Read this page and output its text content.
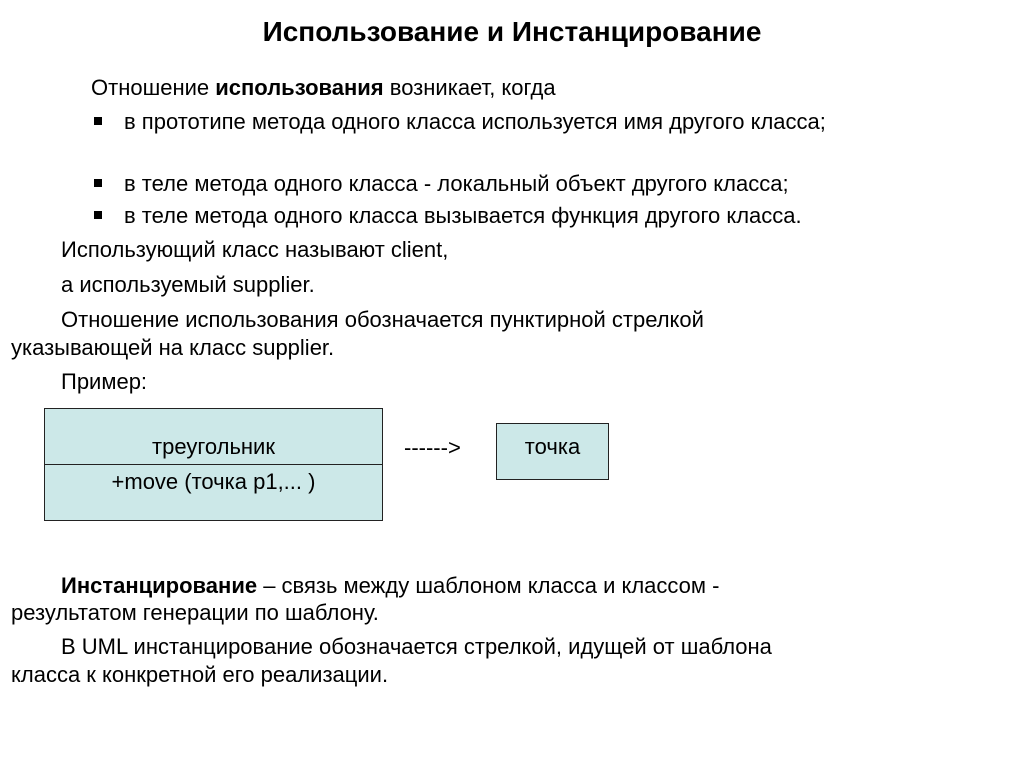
Использование и Инстанцирование
Отношение использования возникает, когда
в прототипе метода одного класса используется имя другого класса;
в теле метода одного класса - локальный объект другого класса;
в теле метода одного класса вызывается функция другого класса.
Использующий класс называют client,
а используемый supplier.
Отношение использования обозначается пунктирной стрелкой
указывающей на класс supplier.
Пример:
треугольник
+move (точка p1,... )
------>	точка
Инстанцирование – связь между шаблоном класса и классом -
результатом генерации по шаблону.
В UML инстанцирование обозначается стрелкой, идущей от шаблона
класса к конкретной его реализации.
